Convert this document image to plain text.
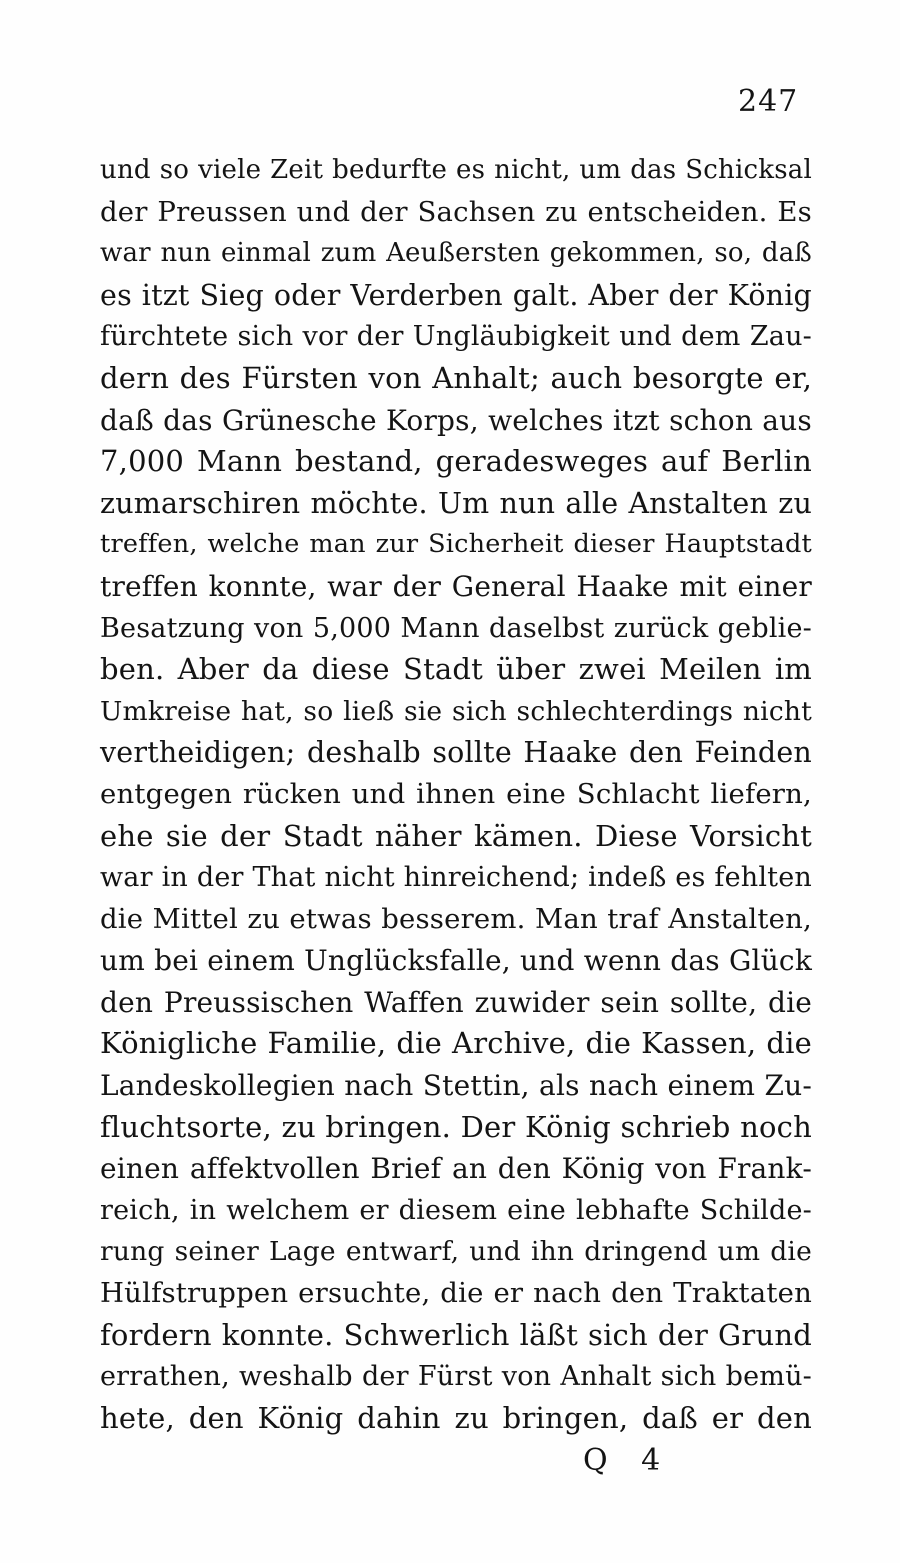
247
und so viele Zeit bedurfte es nicht, um das Schicksal
der Preussen und der Sachsen zu entscheiden. Es
war nun einmal zum Aeußersten gekommen, so, daß
es itzt Sieg oder Verderben galt. Aber der König
fürchtete sich vor der Ungläubigkeit und dem Zau-
dern des Fürsten von Anhalt; auch besorgte er,
daß das Grünesche Korps, welches itzt schon aus
7,000 Mann bestand, geradesweges auf Berlin
zumarschiren möchte. Um nun alle Anstalten zu
treffen, welche man zur Sicherheit dieser Hauptstadt
treffen konnte, war der General Haake mit einer
Besatzung von 5,000 Mann daselbst zurück geblie-
ben. Aber da diese Stadt über zwei Meilen im
Umkreise hat, so ließ sie sich schlechterdings nicht
vertheidigen; deshalb sollte Haake den Feinden
entgegen rücken und ihnen eine Schlacht liefern,
ehe sie der Stadt näher kämen. Diese Vorsicht
war in der That nicht hinreichend; indeß es fehlten
die Mittel zu etwas besserem. Man traf Anstalten,
um bei einem Unglücksfalle, und wenn das Glück
den Preussischen Waffen zuwider sein sollte, die
Königliche Familie, die Archive, die Kassen, die
Landeskollegien nach Stettin, als nach einem Zu-
fluchtsorte, zu bringen. Der König schrieb noch
einen affektvollen Brief an den König von Frank-
reich, in welchem er diesem eine lebhafte Schilde-
rung seiner Lage entwarf, und ihn dringend um die
Hülfstruppen ersuchte, die er nach den Traktaten
fordern konnte. Schwerlich läßt sich der Grund
errathen, weshalb der Fürst von Anhalt sich bemü-
hete, den König dahin zu bringen, daß er den
Q 4
